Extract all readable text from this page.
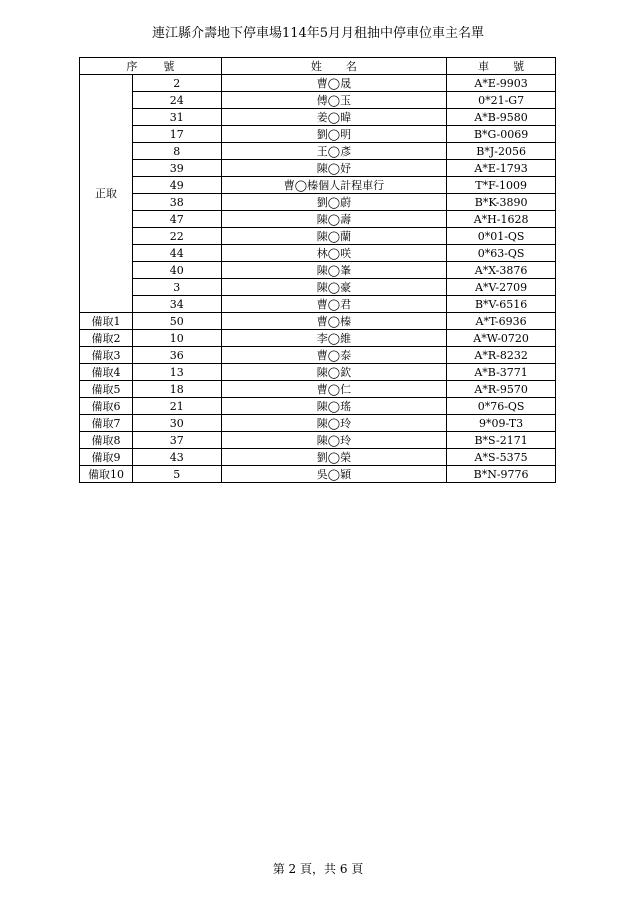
連江縣介壽地下停車場114年5月月租抽中停車位車主名單
序 號		姓 名	車 號
正取	2	曹◯晟	A*E-9903
	24	傅◯玉	0*21-G7
	31	姜◯暐	A*B-9580
	17	劉◯明	B*G-0069
	8	王◯彥	B*J-2056
	39	陳◯妤	A*E-1793
	49	曹◯榛個人計程車行	T*F-1009
	38	劉◯蔚	B*K-3890
	47	陳◯壽	A*H-1628
	22	陳◯蘭	0*01-QS
	44	林◯咲	0*63-QS
	40	陳◯峯	A*X-3876
	3	陳◯豪	A*V-2709
	34	曹◯君	B*V-6516
備取1	50	曹◯榛	A*T-6936
備取2	10	李◯維	A*W-0720
備取3	36	曹◯泰	A*R-8232
備取4	13	陳◯欽	A*B-3771
備取5	18	曹◯仁	A*R-9570
備取6	21	陳◯瑤	0*76-QS
備取7	30	陳◯玲	9*09-T3
備取8	37	陳◯玲	B*S-2171
備取9	43	劉◯榮	A*S-5375
備取10	5	吳◯穎	B*N-9776
第 2 頁，共 6 頁
